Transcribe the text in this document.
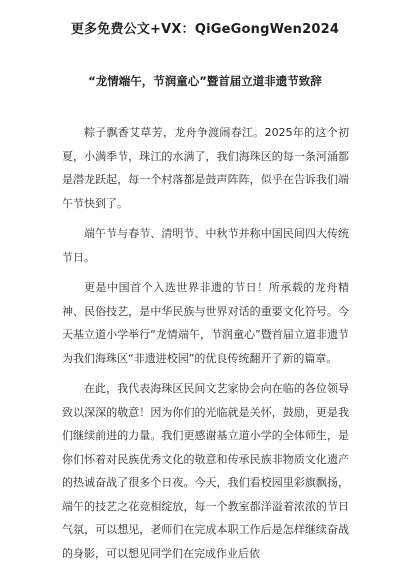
更多免费公文+VX：QiGeGongWen2024
“龙情端午，节润童心”暨首届立道非遗节致辞

粽子飘香艾草芳，龙舟争渡闹春江。2025年的这个初夏，小满季节，珠江的水满了，我们海珠区的每一条河涌都是潜龙跃起，每一个村落都是鼓声阵阵，似乎在告诉我们端午节快到了。

端午节与春节、清明节、中秋节并称中国民间四大传统节日。

更是中国首个入选世界非遗的节日！所承载的龙舟精神、民俗技艺，是中华民族与世界对话的重要文化符号。今天基立道小学举行“龙情端午，节润童心”暨首届立道非遗节为我们海珠区“非遗进校园”的优良传统翻开了新的篇章。

在此，我代表海珠区民间文艺家协会向在临的各位领导致以深深的敬意！因为你们的光临就是关怀，鼓励，更是我们继续前进的力量。我们更感谢基立道小学的全体师生，是你们怀着对民族优秀文化的敬意和传承民族非物质文化遗产的热诚奋战了很多个日夜。今天，我们看校园里彩旗飘扬，端午的技艺之花竞相绽放，每一个教室都洋溢着浓浓的节日气氛，可以想见，老师们在完成本职工作后是怎样继续奋战的身影，可以想见同学们在完成作业后依
